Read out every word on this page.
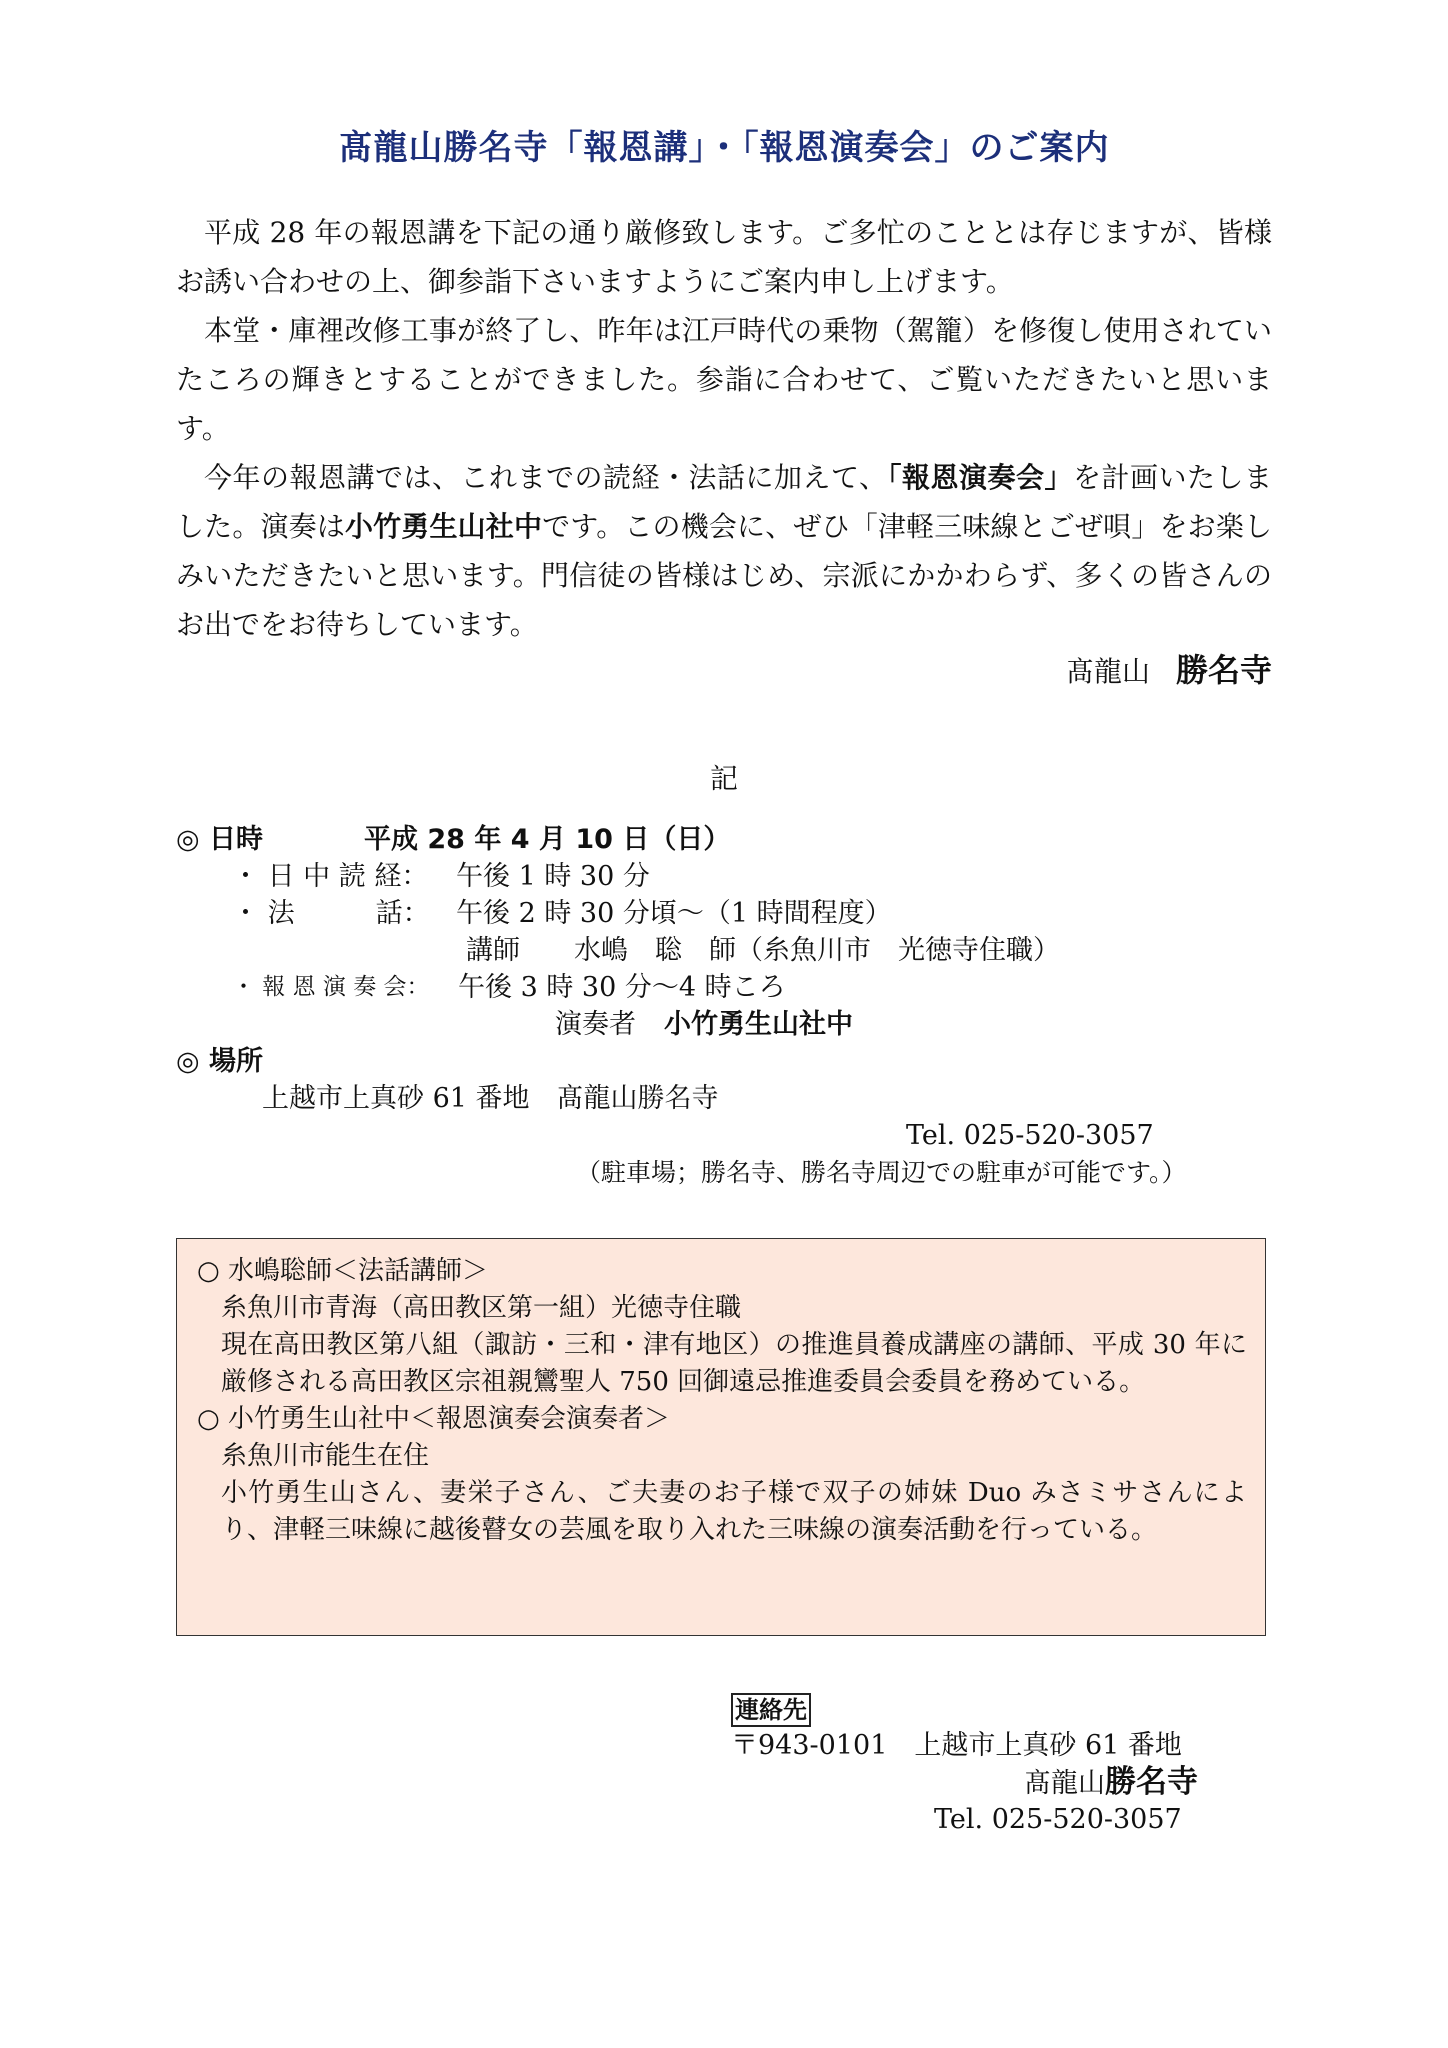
髙龍山勝名寺「報恩講」・「報恩演奏会」のご案内

平成 28 年の報恩講を下記の通り厳修致します。ご多忙のこととは存じますが、皆様お誘い合わせの上、御参詣下さいますようにご案内申し上げます。

本堂・庫裡改修工事が終了し、昨年は江戸時代の乗物（駕籠）を修復し使用されていたころの輝きとすることができました。参詣に合わせて、ご覧いただきたいと思います。

今年の報恩講では、これまでの読経・法話に加えて、「報恩演奏会」を計画いたしました。演奏は小竹勇生山社中です。この機会に、ぜひ「津軽三味線とごぜ唄」をお楽しみいただきたいと思います。門信徒の皆様はじめ、宗派にかかわらず、多くの皆さんのお出でをお待ちしています。

髙龍山 勝名寺
記
◎ 日時	平成 28 年 4 月 10 日（日）
・ 日 中 読 経： 午後 1 時 30 分
・ 法　　　話： 午後 2 時 30 分頃〜（1 時間程度）
講師　　水嶋　聡　師（糸魚川市　光徳寺住職）
・ 報 恩 演 奏 会： 午後 3 時 30 分〜4 時ころ
演奏者 小竹勇生山社中
◎ 場所
上越市上真砂 61 番地　髙龍山勝名寺
Tel. 025-520-3057
（駐車場；勝名寺、勝名寺周辺での駐車が可能です。）

○ 水嶋聡師＜法話講師＞

糸魚川市青海（高田教区第一組）光徳寺住職
現在高田教区第八組（諏訪・三和・津有地区）の推進員養成講座の講師、平成 30 年に厳修される高田教区宗祖親鸞聖人 750 回御遠忌推進委員会委員を務めている。

○ 小竹勇生山社中＜報恩演奏会演奏者＞

糸魚川市能生在住
小竹勇生山さん、妻栄子さん、ご夫妻のお子様で双子の姉妹 Duo みさミサさんにより、津軽三味線に越後瞽女の芸風を取り入れた三味線の演奏活動を行っている。
連絡先
〒943-0101　上越市上真砂 61 番地
髙龍山勝名寺
Tel. 025-520-3057
